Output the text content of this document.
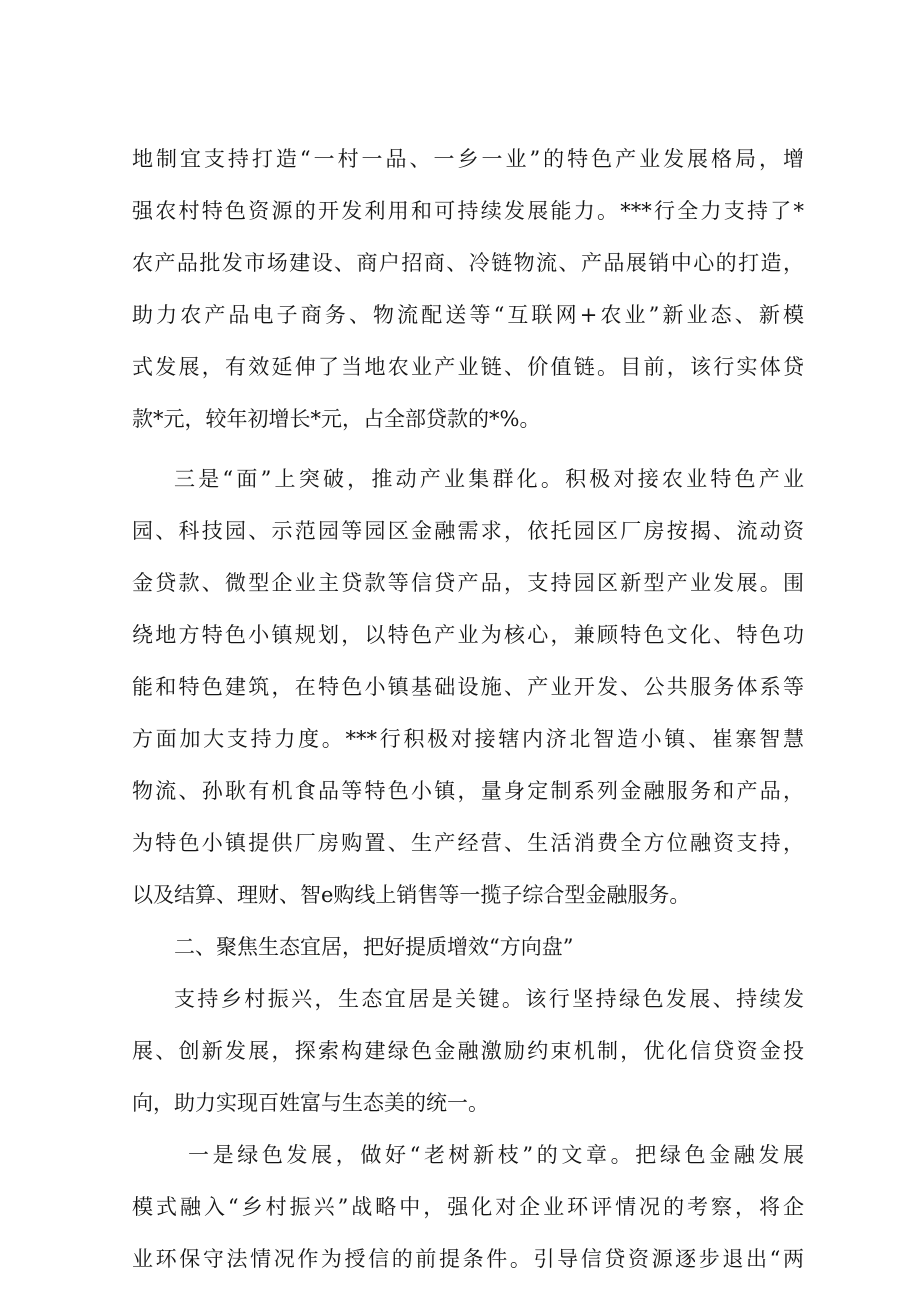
地制宜支持打造“一村一品、一乡一业”的特色产业发展格局，增
强农村特色资源的开发利用和可持续发展能力。***行全力支持了*
农产品批发市场建设、商户招商、冷链物流、产品展销中心的打造，
助力农产品电子商务、物流配送等“互联网+农业”新业态、新模
式发展，有效延伸了当地农业产业链、价值链。目前，该行实体贷
款*元，较年初增长*元，占全部贷款的*%。
三是“面”上突破，推动产业集群化。积极对接农业特色产业
园、科技园、示范园等园区金融需求，依托园区厂房按揭、流动资
金贷款、微型企业主贷款等信贷产品，支持园区新型产业发展。围
绕地方特色小镇规划，以特色产业为核心，兼顾特色文化、特色功
能和特色建筑，在特色小镇基础设施、产业开发、公共服务体系等
方面加大支持力度。***行积极对接辖内济北智造小镇、崔寨智慧
物流、孙耿有机食品等特色小镇，量身定制系列金融服务和产品，
为特色小镇提供厂房购置、生产经营、生活消费全方位融资支持，
以及结算、理财、智e购线上销售等一揽子综合型金融服务。
二、聚焦生态宜居，把好提质增效“方向盘”
支持乡村振兴，生态宜居是关键。该行坚持绿色发展、持续发
展、创新发展，探索构建绿色金融激励约束机制，优化信贷资金投
向，助力实现百姓富与生态美的统一。
一是绿色发展，做好“老树新枝”的文章。把绿色金融发展
模式融入“乡村振兴”战略中，强化对企业环评情况的考察，将企
业环保守法情况作为授信的前提条件。引导信贷资源逐步退出“两
